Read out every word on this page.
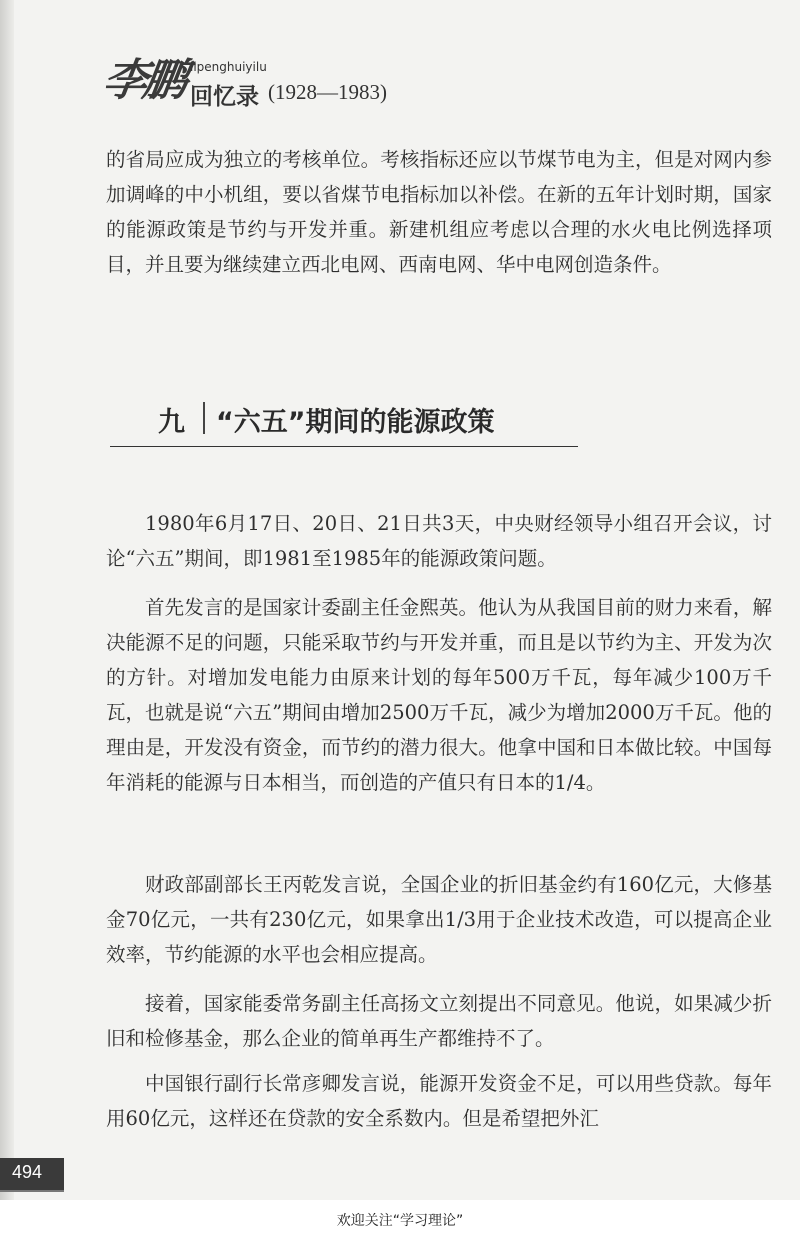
李鹏 lipenghuiyilu
回忆录 (1928—1983)

的省局应成为独立的考核单位。考核指标还应以节煤节电为主，但是对网内参加调峰的中小机组，要以省煤节电指标加以补偿。在新的五年计划时期，国家的能源政策是节约与开发并重。新建机组应考虑以合理的水火电比例选择项目，并且要为继续建立西北电网、西南电网、华中电网创造条件。

九 “六五”期间的能源政策

1980年6月17日、20日、21日共3天，中央财经领导小组召开会议，讨论“六五”期间，即1981至1985年的能源政策问题。

首先发言的是国家计委副主任金熙英。他认为从我国目前的财力来看，解决能源不足的问题，只能采取节约与开发并重，而且是以节约为主、开发为次的方针。对增加发电能力由原来计划的每年500万千瓦，每年减少100万千瓦，也就是说“六五”期间由增加2500万千瓦，减少为增加2000万千瓦。他的理由是，开发没有资金，而节约的潜力很大。他拿中国和日本做比较。中国每年消耗的能源与日本相当，而创造的产值只有日本的1/4。

财政部副部长王丙乾发言说，全国企业的折旧基金约有160亿元，大修基金70亿元，一共有230亿元，如果拿出1/3用于企业技术改造，可以提高企业效率，节约能源的水平也会相应提高。

接着，国家能委常务副主任高扬文立刻提出不同意见。他说，如果减少折旧和检修基金，那么企业的简单再生产都维持不了。

中国银行副行长常彦卿发言说，能源开发资金不足，可以用些贷款。每年用60亿元，这样还在贷款的安全系数内。但是希望把外汇

494
欢迎关注“学习理论”
